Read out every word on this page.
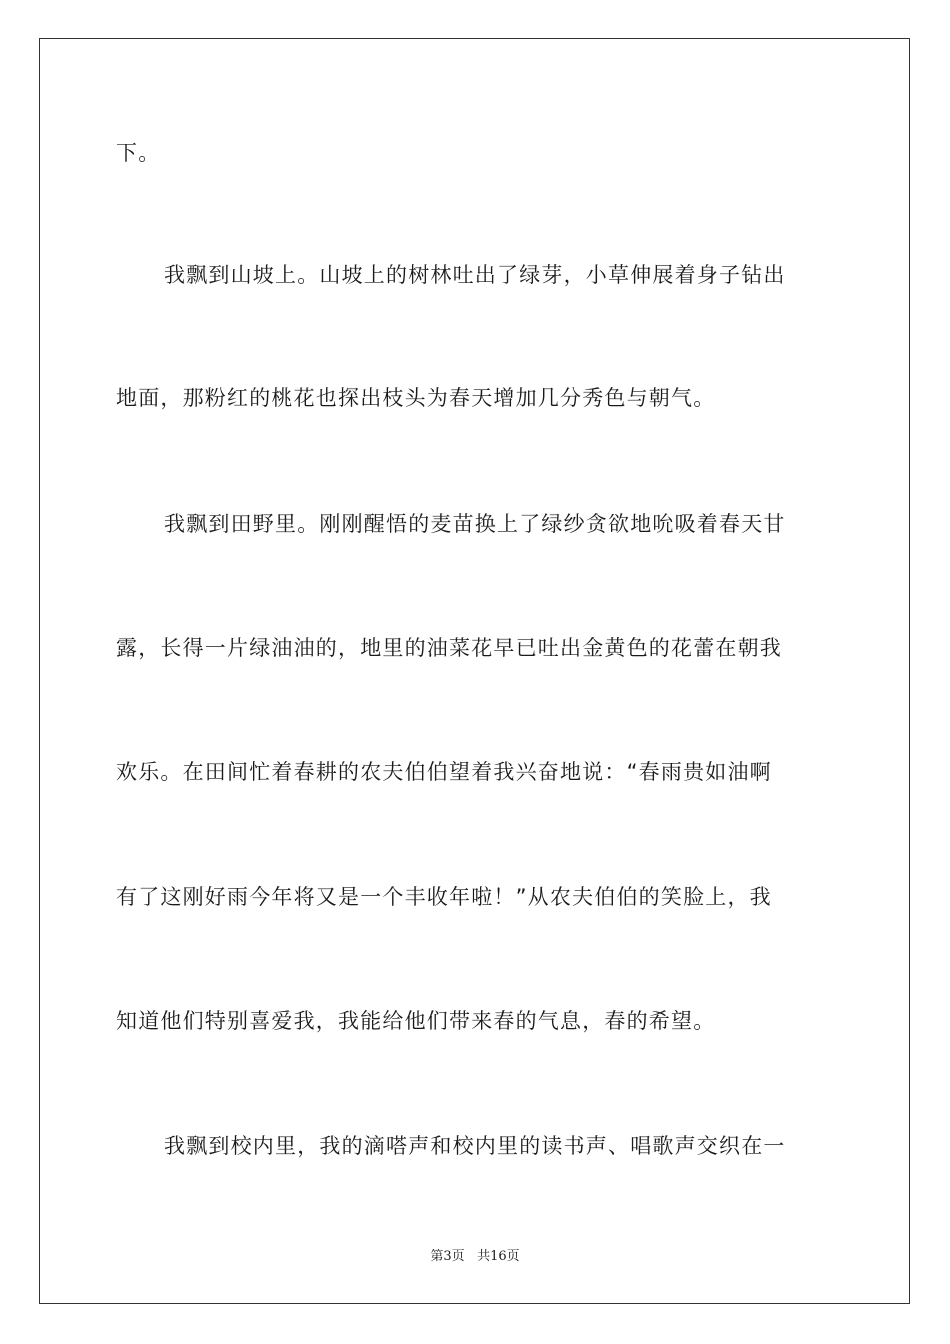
下。
我飘到山坡上。山坡上的树林吐出了绿芽，小草伸展着身子钻出
地面，那粉红的桃花也探出枝头为春天增加几分秀色与朝气。
我飘到田野里。刚刚醒悟的麦苗换上了绿纱贪欲地吮吸着春天甘
露，长得一片绿油油的，地里的油菜花早已吐出金黄色的花蕾在朝我
欢乐。在田间忙着春耕的农夫伯伯望着我兴奋地说：“春雨贵如油啊
有了这刚好雨今年将又是一个丰收年啦！”从农夫伯伯的笑脸上，我
知道他们特别喜爱我，我能给他们带来春的气息，春的希望。
我飘到校内里，我的滴嗒声和校内里的读书声、唱歌声交织在一
第3页 共16页
